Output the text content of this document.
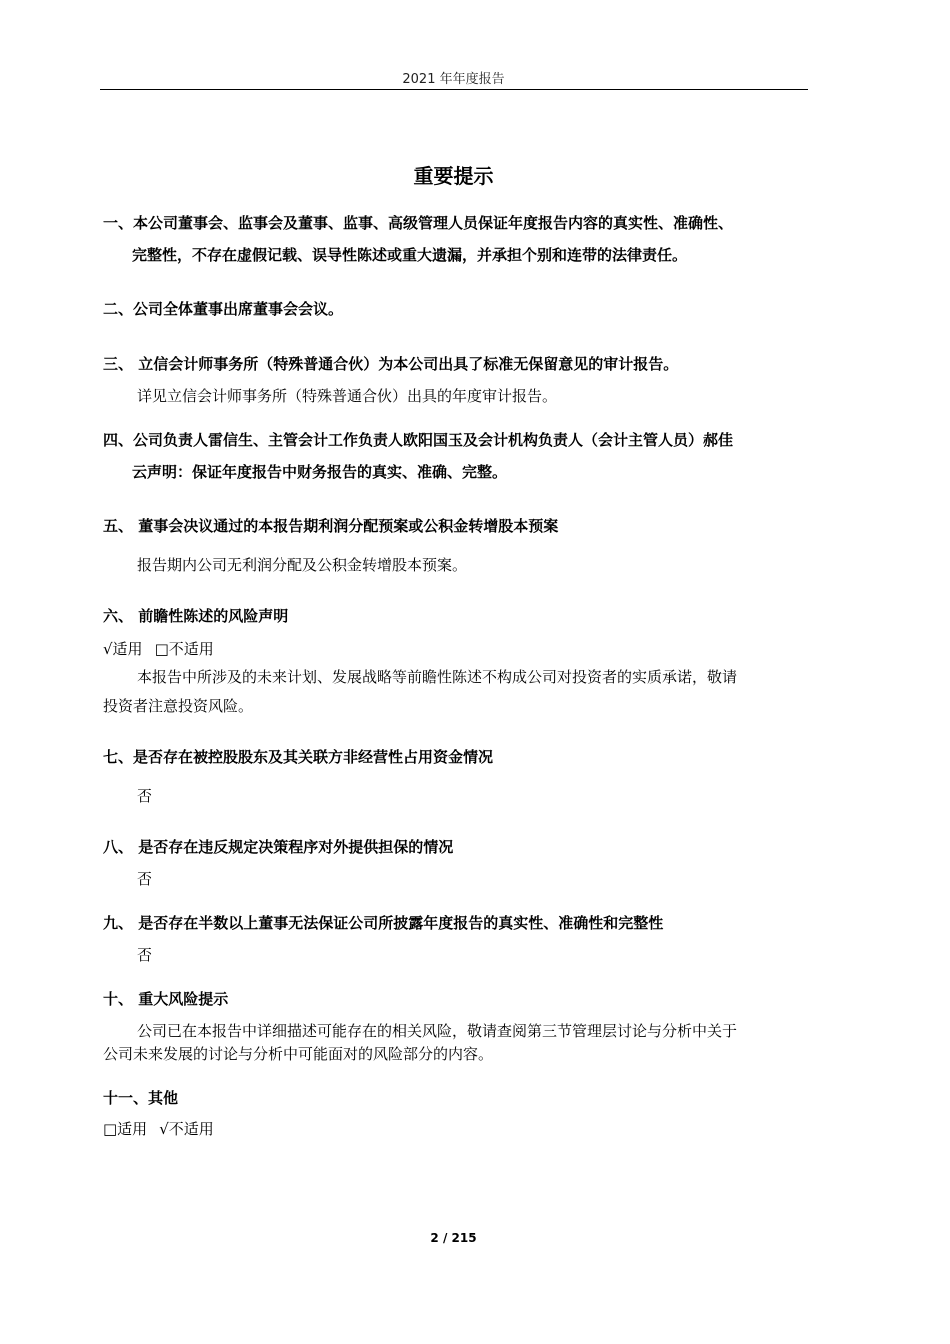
2021 年年度报告
重要提示
一、本公司董事会、监事会及董事、监事、高级管理人员保证年度报告内容的真实性、准确性、
完整性，不存在虚假记载、误导性陈述或重大遗漏，并承担个别和连带的法律责任。
二、公司全体董事出席董事会会议。
三、 立信会计师事务所（特殊普通合伙）为本公司出具了标准无保留意见的审计报告。
详见立信会计师事务所（特殊普通合伙）出具的年度审计报告。
四、公司负责人雷信生、主管会计工作负责人欧阳国玉及会计机构负责人（会计主管人员）郝佳
云声明：保证年度报告中财务报告的真实、准确、完整。
五、 董事会决议通过的本报告期利润分配预案或公积金转增股本预案
报告期内公司无利润分配及公积金转增股本预案。
六、 前瞻性陈述的风险声明
√适用 □不适用
本报告中所涉及的未来计划、发展战略等前瞻性陈述不构成公司对投资者的实质承诺，敬请
投资者注意投资风险。
七、是否存在被控股股东及其关联方非经营性占用资金情况
否
八、 是否存在违反规定决策程序对外提供担保的情况
否
九、 是否存在半数以上董事无法保证公司所披露年度报告的真实性、准确性和完整性
否
十、 重大风险提示
公司已在本报告中详细描述可能存在的相关风险，敬请查阅第三节管理层讨论与分析中关于
公司未来发展的讨论与分析中可能面对的风险部分的内容。
十一、其他
□适用 √不适用
2 / 215
